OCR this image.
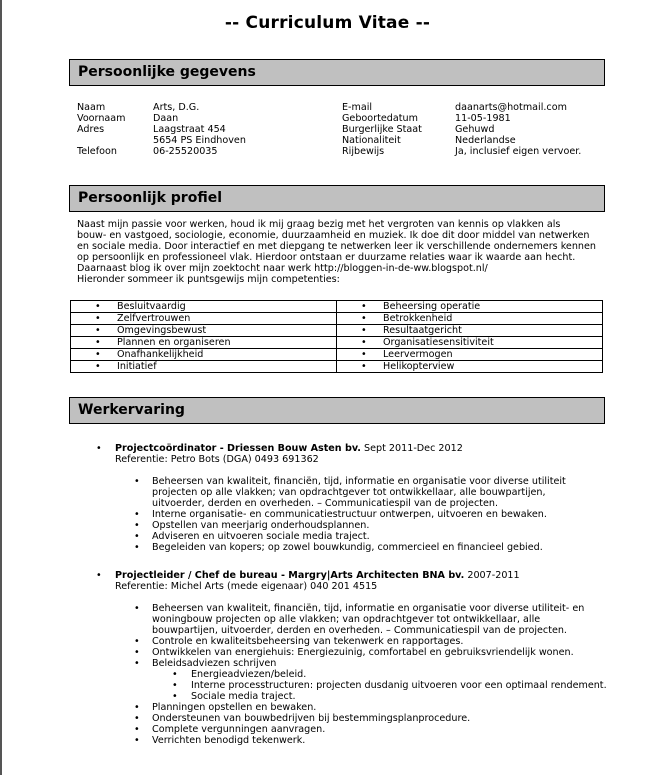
-- Curriculum Vitae --
Persoonlijke gegevens
Naam	Arts, D.G.
Voornaam	Daan
Adres	Laagstraat 454
5654 PS Eindhoven
Telefoon	06-25520035
E-mail	daanarts@hotmail.com
Geboortedatum	11-05-1981
Burgerlijke Staat	Gehuwd
Nationaliteit	Nederlandse
Rijbewijs	Ja, inclusief eigen vervoer.
Persoonlijk profiel

Naast mijn passie voor werken, houd ik mij graag bezig met het vergroten van kennis op vlakken als

bouw- en vastgoed, sociologie, economie, duurzaamheid en muziek. Ik doe dit door middel van netwerken

en sociale media. Door interactief en met diepgang te netwerken leer ik verschillende ondernemers kennen

op persoonlijk en professioneel vlak. Hierdoor ontstaan er duurzame relaties waar ik waarde aan hecht.

Daarnaast blog ik over mijn zoektocht naar werk http://bloggen-in-de-ww.blogspot.nl/

Hieronder sommeer ik puntsgewijs mijn competenties:

• Besluitvaardig	• Beheersing operatie

• Zelfvertrouwen	• Betrokkenheid

• Omgevingsbewust	• Resultaatgericht

• Plannen en organiseren	• Organisatiesensitiviteit

• Onafhankelijkheid	• Leervermogen

• Initiatief	• Helikopterview
Werkervaring
• Projectcoördinator - Driessen Bouw Asten bv. Sept 2011-Dec 2012
Referentie: Petro Bots (DGA) 0493 691362
• Beheersen van kwaliteit, financiën, tijd, informatie en organisatie voor diverse utiliteit
projecten op alle vlakken; van opdrachtgever tot ontwikkellaar, alle bouwpartijen,
uitvoerder, derden en overheden. – Communicatiespil van de projecten.
• Interne organisatie- en communicatiestructuur ontwerpen, uitvoeren en bewaken.
• Opstellen van meerjarig onderhoudsplannen.
• Adviseren en uitvoeren sociale media traject.
• Begeleiden van kopers; op zowel bouwkundig, commercieel en financieel gebied.
• Projectleider / Chef de bureau - Margry|Arts Architecten BNA bv. 2007-2011
Referentie: Michel Arts (mede eigenaar) 040 201 4515
• Beheersen van kwaliteit, financiën, tijd, informatie en organisatie voor diverse utiliteit- en
woningbouw projecten op alle vlakken; van opdrachtgever tot ontwikkellaar, alle
bouwpartijen, uitvoerder, derden en overheden. – Communicatiespil van de projecten.
• Controle en kwaliteitsbeheersing van tekenwerk en rapportages.
• Ontwikkelen van energiehuis: Energiezuinig, comfortabel en gebruiksvriendelijk wonen.
• Beleidsadviezen schrijven
• Energieadviezen/beleid.
• Interne processtructuren: projecten dusdanig uitvoeren voor een optimaal rendement.
• Sociale media traject.
• Planningen opstellen en bewaken.
• Ondersteunen van bouwbedrijven bij bestemmingsplanprocedure.
• Complete vergunningen aanvragen.
• Verrichten benodigd tekenwerk.
